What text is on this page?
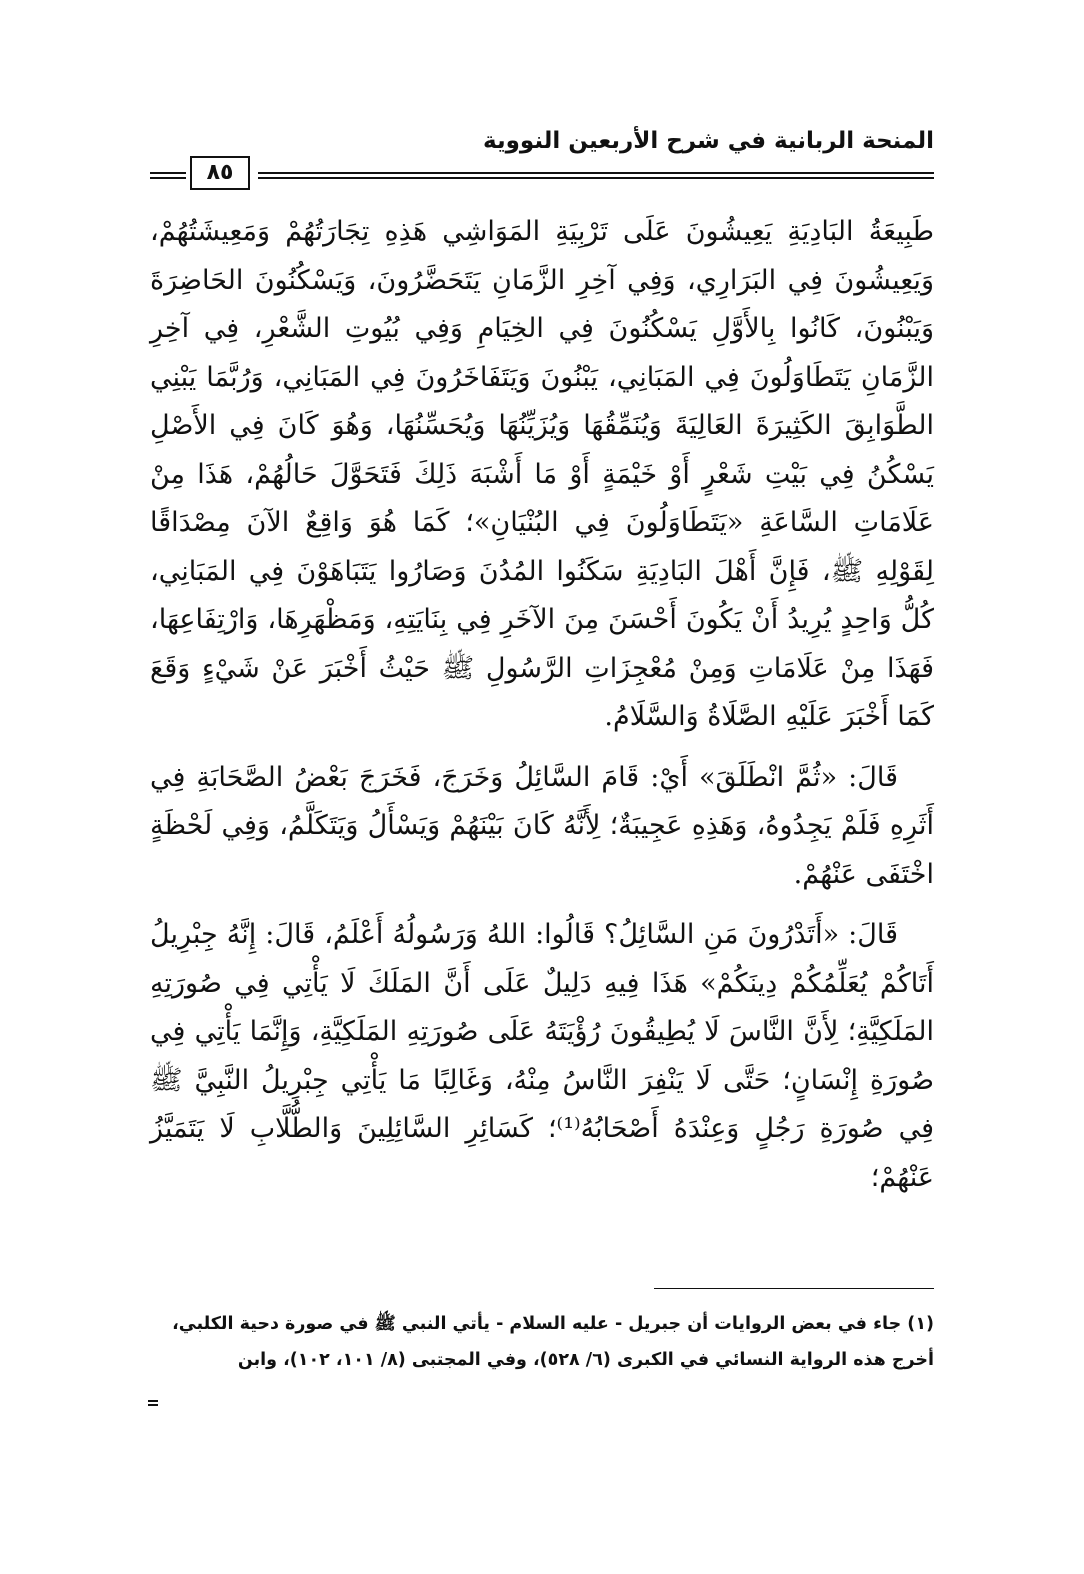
المنحة الربانية في شرح الأربعين النووية
٨٥

طَبِيعَةُ البَادِيَةِ يَعِيشُونَ عَلَى تَرْبِيَةِ المَوَاشِي هَذِهِ تِجَارَتُهُمْ وَمَعِيشَتُهُمْ، وَيَعِيشُونَ فِي البَرَارِي، وَفِي آخِرِ الزَّمَانِ يَتَحَضَّرُونَ، وَيَسْكُنُونَ الحَاضِرَةَ وَيَبْنُونَ، كَانُوا بِالأَوَّلِ يَسْكُنُونَ فِي الخِيَامِ وَفِي بُيُوتِ الشَّعْرِ، فِي آخِرِ الزَّمَانِ يَتَطَاوَلُونَ فِي المَبَانِي، يَبْنُونَ وَيَتَفَاخَرُونَ فِي المَبَانِي، وَرُبَّمَا يَبْنِي الطَّوَابِقَ الكَثِيرَةَ العَالِيَةَ وَيُنَمِّقُهَا وَيُزَيِّنُهَا وَيُحَسِّنُهَا، وَهُوَ كَانَ فِي الأَصْلِ يَسْكُنُ فِي بَيْتِ شَعْرٍ أَوْ خَيْمَةٍ أَوْ مَا أَشْبَهَ ذَلِكَ فَتَحَوَّلَ حَالُهُمْ، هَذَا مِنْ عَلَامَاتِ السَّاعَةِ «يَتَطَاوَلُونَ فِي البُنْيَانِ»؛ كَمَا هُوَ وَاقِعٌ الآنَ مِصْدَاقًا لِقَوْلِهِ ﷺ، فَإِنَّ أَهْلَ البَادِيَةِ سَكَنُوا المُدُنَ وَصَارُوا يَتَبَاهَوْنَ فِي المَبَانِي، كُلُّ وَاحِدٍ يُرِيدُ أَنْ يَكُونَ أَحْسَنَ مِنَ الآخَرِ فِي بِنَايَتِهِ، وَمَظْهَرِهَا، وَارْتِفَاعِهَا، فَهَذَا مِنْ عَلَامَاتِ وَمِنْ مُعْجِزَاتِ الرَّسُولِ ﷺ حَيْثُ أَخْبَرَ عَنْ شَيْءٍ وَقَعَ كَمَا أَخْبَرَ عَلَيْهِ الصَّلَاةُ وَالسَّلَامُ.

قَالَ: «ثُمَّ انْطَلَقَ» أَيْ: قَامَ السَّائِلُ وَخَرَجَ، فَخَرَجَ بَعْضُ الصَّحَابَةِ فِي أَثَرِهِ فَلَمْ يَجِدُوهُ، وَهَذِهِ عَجِيبَةٌ؛ لِأَنَّهُ كَانَ بَيْنَهُمْ وَيَسْأَلُ وَيَتَكَلَّمُ، وَفِي لَحْظَةٍ اخْتَفَى عَنْهُمْ.

قَالَ: «أَتَدْرُونَ مَنِ السَّائِلُ؟ قَالُوا: اللهُ وَرَسُولُهُ أَعْلَمُ، قَالَ: إِنَّهُ جِبْرِيلُ أَتَاكُمْ يُعَلِّمُكُمْ دِينَكُمْ» هَذَا فِيهِ دَلِيلٌ عَلَى أَنَّ المَلَكَ لَا يَأْتِي فِي صُورَتِهِ المَلَكِيَّةِ؛ لِأَنَّ النَّاسَ لَا يُطِيقُونَ رُؤْيَتَهُ عَلَى صُورَتِهِ المَلَكِيَّةِ، وَإِنَّمَا يَأْتِي فِي صُورَةِ إِنْسَانٍ؛ حَتَّى لَا يَنْفِرَ النَّاسُ مِنْهُ، وَغَالِبًا مَا يَأْتِي جِبْرِيلُ النَّبِيَّ ﷺ فِي صُورَةِ رَجُلٍ وَعِنْدَهُ أَصْحَابُهُ⁽¹⁾؛ كَسَائِرِ السَّائِلِينَ وَالطُّلَّابِ لَا يَتَمَيَّزُ عَنْهُمْ؛

(١) جاء في بعض الروايات أن جبريل - عليه السلام - يأتي النبي ﷺ في صورة دحية الكلبي،

أخرج هذه الرواية النسائي في الكبرى (٦/ ٥٢٨)، وفي المجتبى (٨/ ١٠١، ١٠٢)، وابن
